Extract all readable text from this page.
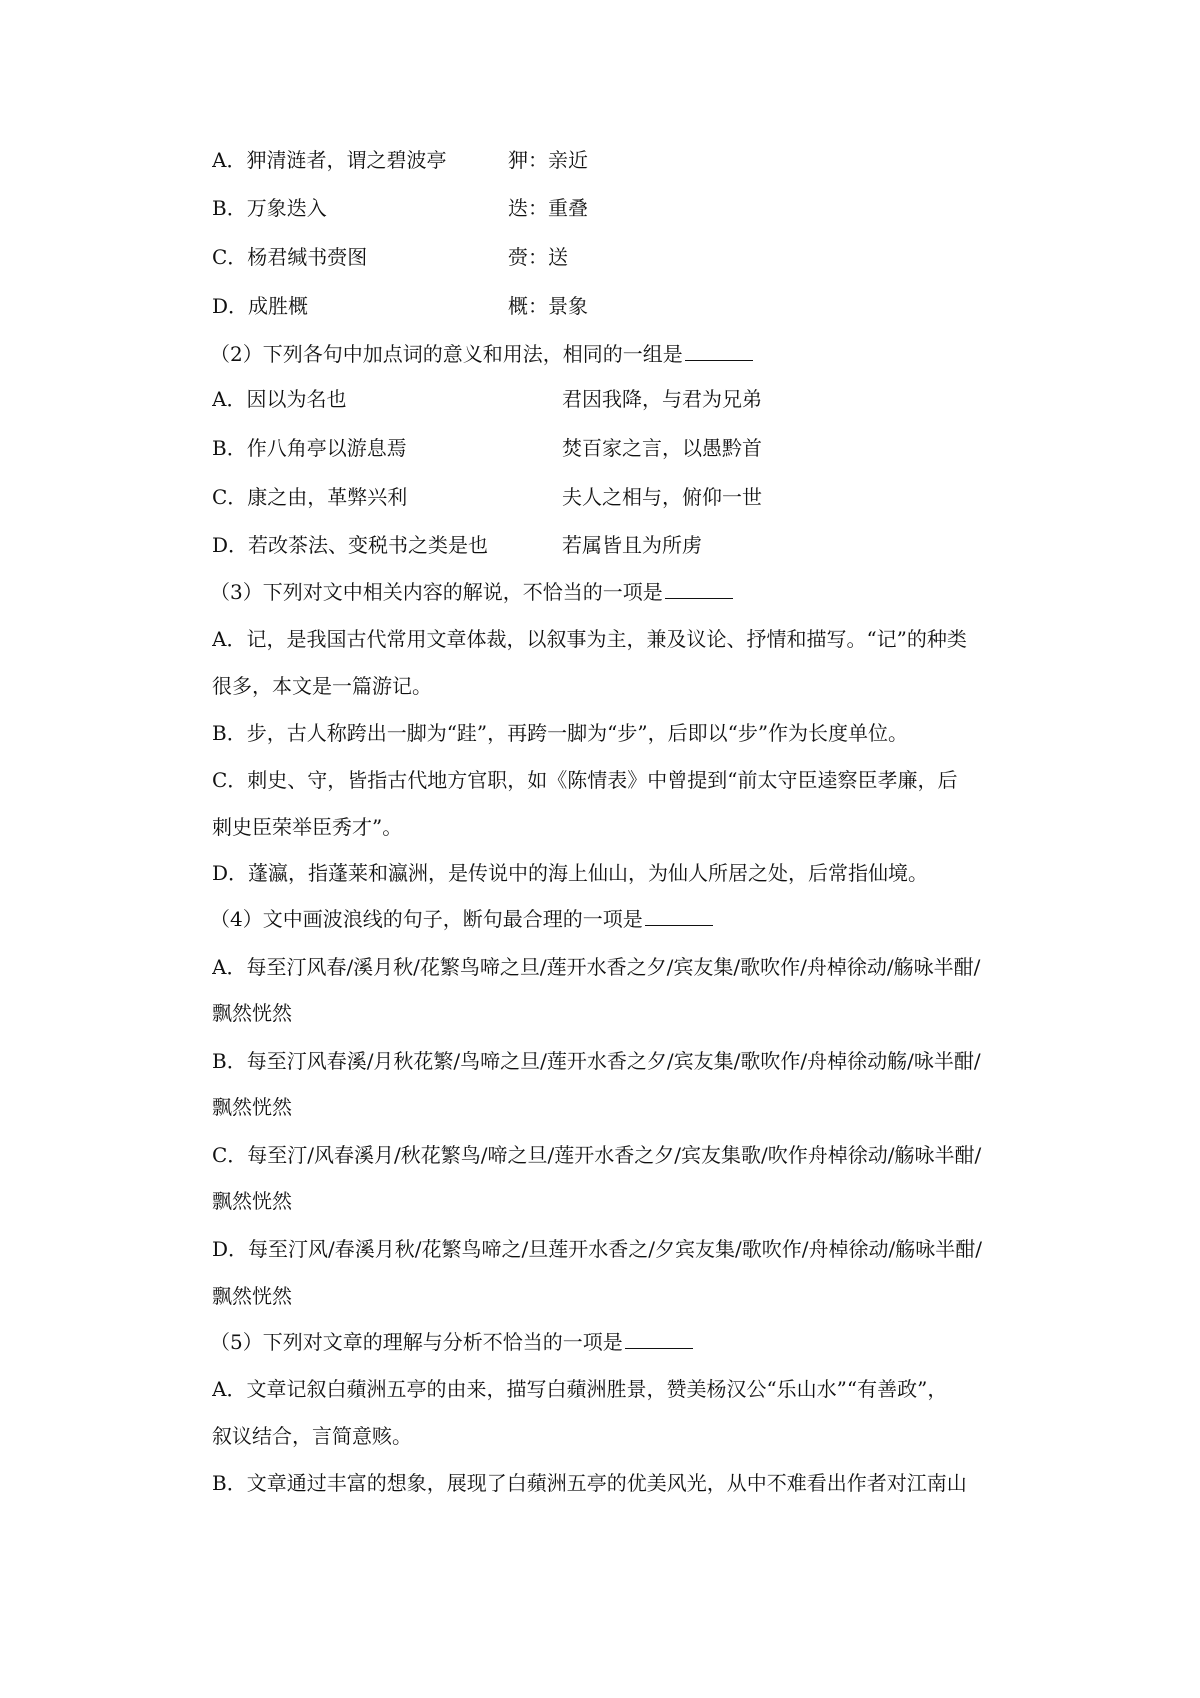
A．狎清涟者，谓之碧波亭	狎：亲近
B．万象迭入	迭：重叠
C．杨君缄书赍图	赍：送
D．成胜概	概：景象
（2）下列各句中加点词的意义和用法，相同的一组是
A．因以为名也	君因我降，与君为兄弟
B．作八角亭以游息焉	焚百家之言，以愚黔首
C．康之由，革弊兴利	夫人之相与，俯仰一世
D．若改茶法、变税书之类是也	若属皆且为所虏
（3）下列对文中相关内容的解说，不恰当的一项是
A．记，是我国古代常用文章体裁，以叙事为主，兼及议论、抒情和描写。“记”的种类
很多，本文是一篇游记。
B．步，古人称跨出一脚为“跬”，再跨一脚为“步”，后即以“步”作为长度单位。
C．刺史、守，皆指古代地方官职，如《陈情表》中曾提到“前太守臣逵察臣孝廉，后
刺史臣荣举臣秀才”。
D．蓬瀛，指蓬莱和瀛洲，是传说中的海上仙山，为仙人所居之处，后常指仙境。
（4）文中画波浪线的句子，断句最合理的一项是
A．每至汀风春/溪月秋/花繁鸟啼之旦/莲开水香之夕/宾友集/歌吹作/舟棹徐动/觞咏半酣/
飘然恍然
B．每至汀风春溪/月秋花繁/鸟啼之旦/莲开水香之夕/宾友集/歌吹作/舟棹徐动觞/咏半酣/
飘然恍然
C．每至汀/风春溪月/秋花繁鸟/啼之旦/莲开水香之夕/宾友集歌/吹作舟棹徐动/觞咏半酣/
飘然恍然
D．每至汀风/春溪月秋/花繁鸟啼之/旦莲开水香之/夕宾友集/歌吹作/舟棹徐动/觞咏半酣/
飘然恍然
（5）下列对文章的理解与分析不恰当的一项是
A．文章记叙白蘋洲五亭的由来，描写白蘋洲胜景，赞美杨汉公“乐山水”“有善政”，
叙议结合，言简意赅。
B．文章通过丰富的想象，展现了白蘋洲五亭的优美风光，从中不难看出作者对江南山
